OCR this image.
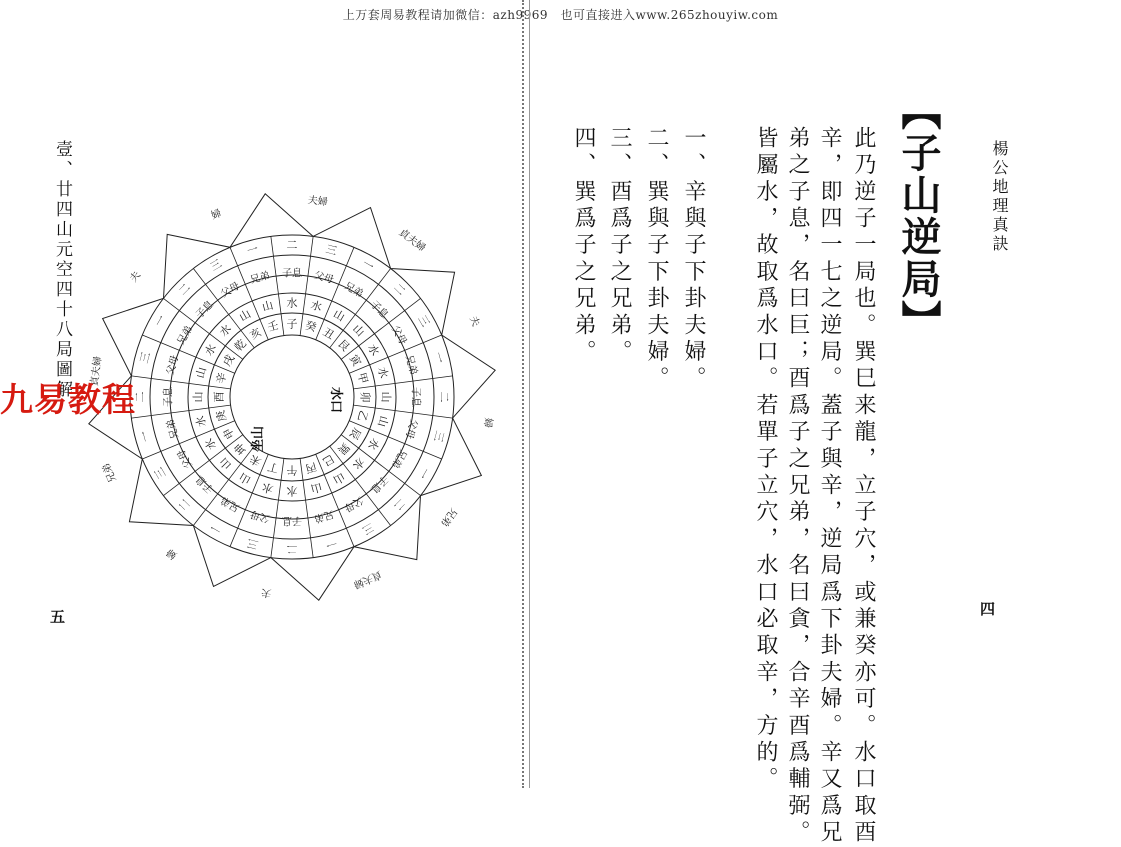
上万套周易教程请加微信：azh9969　也可直接进入www.265zhouyiw.com
壹、廿四山元空四十八局圖解
五
子 癸 丑
艮
寅
甲
卯
乙
辰
巽
巳
丙
午
丁
未
坤
申
庚
酉
辛
戌
乾
亥 壬
水 水
山
山
水
水
山
山
水
水
山
山
水
水
山
山
水
水
山
山
水
水
山
山
子息 父母
兄弟
子息
父母
兄弟
子息
父母
兄弟
子息
父母
兄弟
子息
父母
兄弟
子息
父母
兄弟
子息
父母
兄弟
子息
父母
兄弟
二 三
一
二
三
一
二
三
一
二
三
一
二
三
一
二
三
一
二
三
一
二
三
一
夫婦
貞夫婦
夫
婦
兄弟
貞夫婦
夫
婦
兄弟
貞夫婦
夫
婦
坐山
水口
九易教程
楊公地理真訣
【子山逆局】
四
此乃逆子一局也。巽巳来龍，立子穴，或兼癸亦可。水口取酉
辛，即四一七之逆局。蓋子與辛，逆局爲下卦夫婦。辛又爲兄
弟之子息，名曰巨；酉爲子之兄弟，名曰貪，合辛酉爲輔弼。
皆屬水，故取爲水口。若單子立穴，水口必取辛，方的。
一、辛與子下卦夫婦。
二、巽與子下卦夫婦。
三、酉爲子之兄弟。
四、巽爲子之兄弟。
